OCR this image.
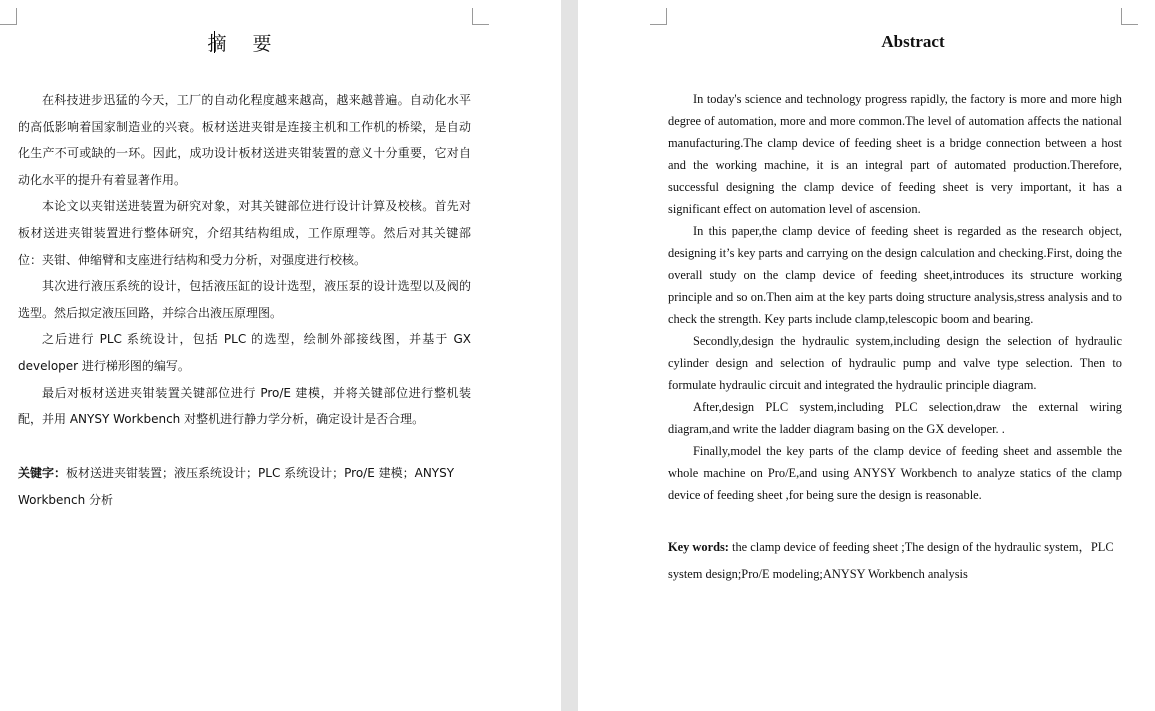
摘 要

在科技进步迅猛的今天，工厂的自动化程度越来越高，越来越普遍。自动化水平的高低影响着国家制造业的兴衰。板材送进夹钳是连接主机和工作机的桥梁，是自动化生产不可或缺的一环。因此，成功设计板材送进夹钳装置的意义十分重要，它对自动化水平的提升有着显著作用。

本论文以夹钳送进装置为研究对象，对其关键部位进行设计计算及校核。首先对板材送进夹钳装置进行整体研究，介绍其结构组成，工作原理等。然后对其关键部位：夹钳、伸缩臂和支座进行结构和受力分析，对强度进行校核。

其次进行液压系统的设计，包括液压缸的设计选型，液压泵的设计选型以及阀的选型。然后拟定液压回路，并综合出液压原理图。

之后进行 PLC 系统设计，包括 PLC 的选型，绘制外部接线图，并基于 GX developer 进行梯形图的编写。

最后对板材送进夹钳装置关键部位进行 Pro/E 建模，并将关键部位进行整机装配，并用 ANYSY Workbench 对整机进行静力学分析，确定设计是否合理。

关键字：板材送进夹钳装置；液压系统设计；PLC 系统设计；Pro/E 建模；ANYSY Workbench 分析
Abstract

In today's science and technology progress rapidly, the factory is more and more high degree of automation, more and more common.The level of automation affects the national manufacturing.The clamp device of feeding sheet is a bridge connection between a host and the working machine, it is an integral part of automated production.Therefore, successful designing the clamp device of feeding sheet is very important, it has a significant effect on automation level of ascension.

In this paper,the clamp device of feeding sheet is regarded as the research object, designing it’s key parts and carrying on the design calculation and checking.First, doing the overall study on the clamp device of feeding sheet,introduces its structure working principle and so on.Then aim at the key parts doing structure analysis,stress analysis and to check the strength. Key parts include clamp,telescopic boom and bearing.

Secondly,design the hydraulic system,including design the selection of hydraulic cylinder design and selection of hydraulic pump and valve type selection. Then to formulate hydraulic circuit and integrated the hydraulic principle diagram.

After,design PLC system,including PLC selection,draw the external wiring diagram,and write the ladder diagram basing on the GX developer. .

Finally,model the key parts of the clamp device of feeding sheet and assemble the whole machine on Pro/E,and using ANYSY Workbench to analyze statics of the clamp device of feeding sheet ,for being sure the design is reasonable.

Key words: the clamp device of feeding sheet ;The design of the hydraulic system，PLC system design;Pro/E modeling;ANYSY Workbench analysis
